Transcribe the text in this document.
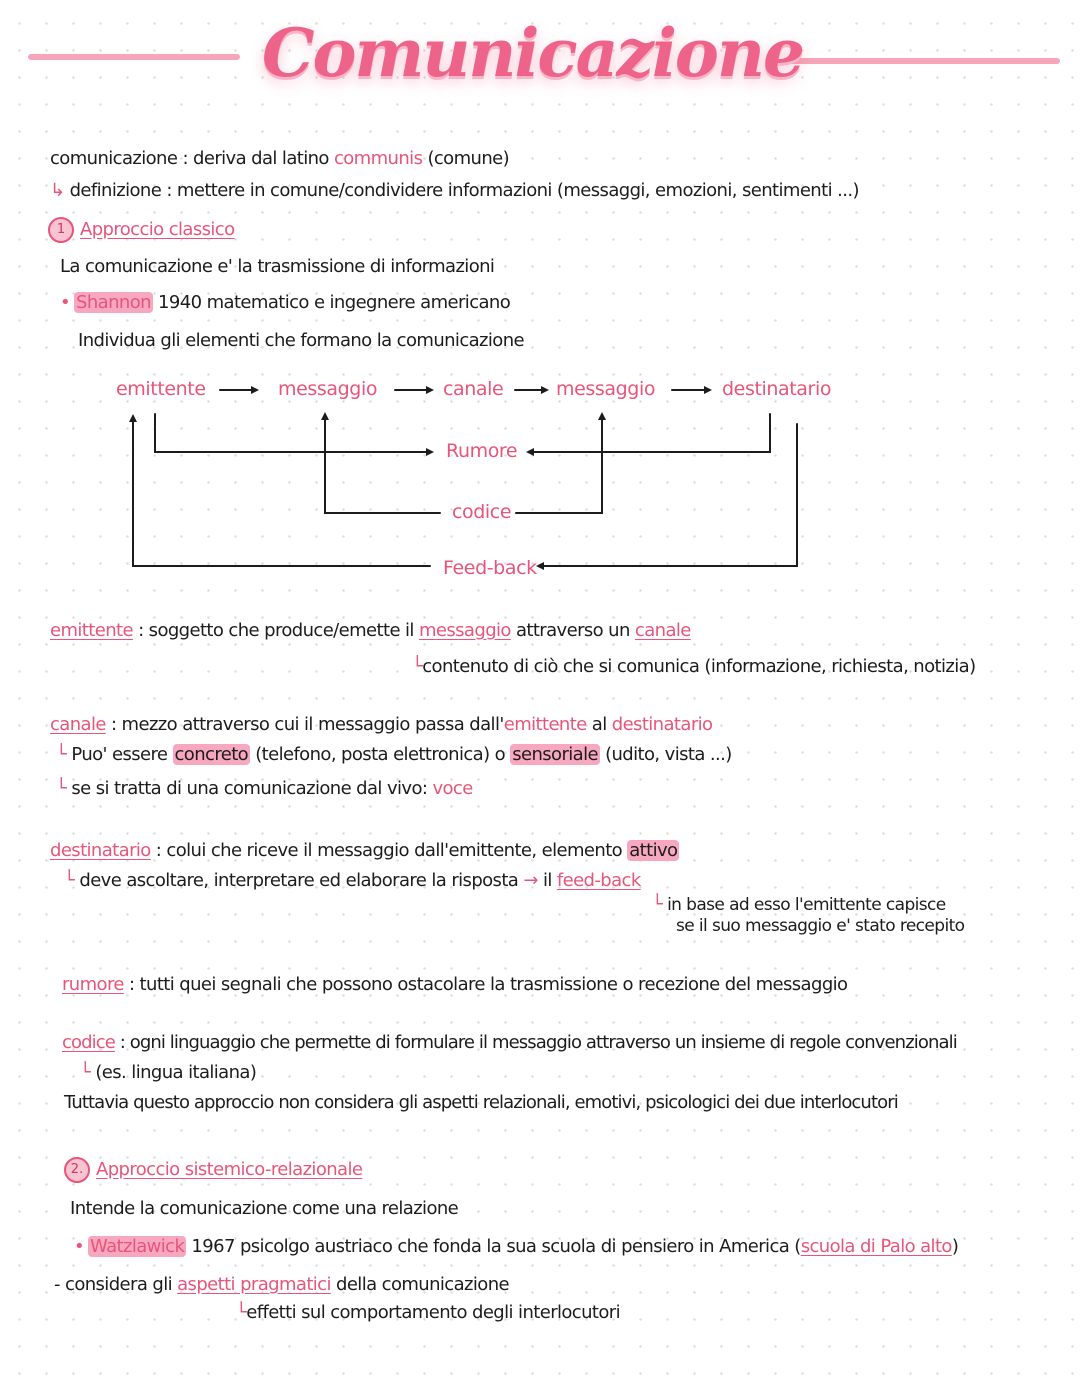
Comunicazione
comunicazione : deriva dal latino communis (comune)
↳ definizione : mettere in comune/condividere informazioni (messaggi, emozioni, sentimenti ...)
1 Approccio classico
La comunicazione e' la trasmissione di informazioni
• Shannon 1940 matematico e ingegnere americano
Individua gli elementi che formano la comunicazione
emittente	messaggio	canale	messaggio	destinatario
Rumore
codice
Feed-back
emittente : soggetto che produce/emette il messaggio attraverso un canale
└contenuto di ciò che si comunica (informazione, richiesta, notizia)
canale : mezzo attraverso cui il messaggio passa dall'emittente al destinatario
└ Puo' essere concreto (telefono, posta elettronica) o sensoriale (udito, vista ...)
└ se si tratta di una comunicazione dal vivo: voce
destinatario : colui che riceve il messaggio dall'emittente, elemento attivo
└ deve ascoltare, interpretare ed elaborare la risposta → il feed-back
└ in base ad esso l'emittente capisce
se il suo messaggio e' stato recepito
rumore : tutti quei segnali che possono ostacolare la trasmissione o recezione del messaggio
codice : ogni linguaggio che permette di formulare il messaggio attraverso un insieme di regole convenzionali
└ (es. lingua italiana)
Tuttavia questo approccio non considera gli aspetti relazionali, emotivi, psicologici dei due interlocutori
2. Approccio sistemico-relazionale
Intende la comunicazione come una relazione
• Watzlawick 1967 psicolgo austriaco che fonda la sua scuola di pensiero in America (scuola di Palo alto)
- considera gli aspetti pragmatici della comunicazione
└effetti sul comportamento degli interlocutori
